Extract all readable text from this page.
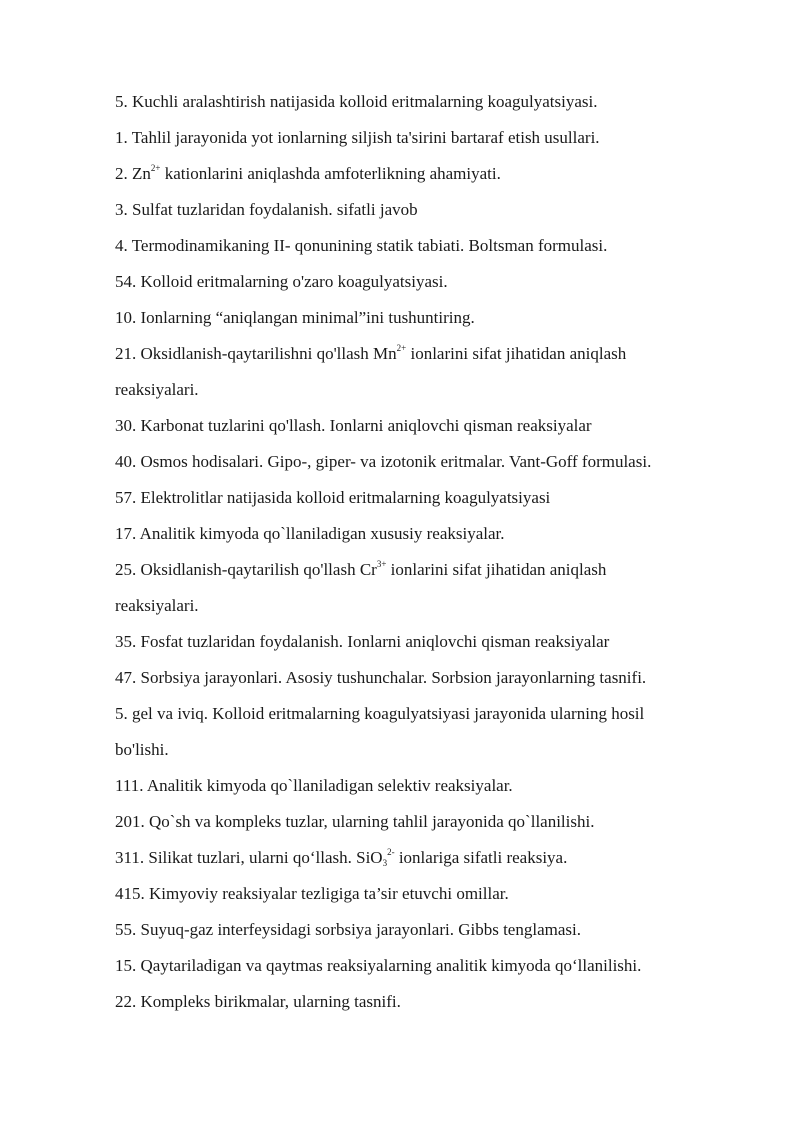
5. Kuchli aralashtirish natijasida kolloid eritmalarning koagulyatsiyasi.
1. Tahlil jarayonida yot ionlarning siljish ta'sirini bartaraf etish usullari.
2. $Zn^{2+}$ kationlarini aniqlashda amfoterlikning ahamiyati.
3. Sulfat tuzlaridan foydalanish. sifatli javob
4. Termodinamikaning II- qonunining statik tabiati. Boltsman formulasi.
54. Kolloid eritmalarning o'zaro koagulyatsiyasi.
10. Ionlarning “aniqlangan minimal”ini tushuntiring.
21. Oksidlanish-qaytarilishni qo'llash $Mn^{2+}$ ionlarini sifat jihatidan aniqlash
reaksiyalari.
30. Karbonat tuzlarini qo'llash. Ionlarni aniqlovchi qisman reaksiyalar
40. Osmos hodisalari. Gipo-, giper- va izotonik eritmalar. Vant-Goff formulasi.
57. Elektrolitlar natijasida kolloid eritmalarning koagulyatsiyasi
17. Analitik kimyoda qo`llaniladigan xususiy reaksiyalar.
25. Oksidlanish-qaytarilish qo'llash $Cr^{3+}$ ionlarini sifat jihatidan aniqlash
reaksiyalari.
35. Fosfat tuzlaridan foydalanish. Ionlarni aniqlovchi qisman reaksiyalar
47. Sorbsiya jarayonlari. Asosiy tushunchalar. Sorbsion jarayonlarning tasnifi.
5. gel va iviq. Kolloid eritmalarning koagulyatsiyasi jarayonida ularning hosil
bo'lishi.
111. Analitik kimyoda qo`llaniladigan selektiv reaksiyalar.
201. Qo`sh va kompleks tuzlar, ularning tahlil jarayonida qo`llanilishi.
311. Silikat tuzlari, ularni qo‘llash. SiO$_3^{2-}$ ionlariga sifatli reaksiya.
415. Kimyoviy reaksiyalar tezligiga ta’sir etuvchi omillar.
55. Suyuq-gaz interfeysidagi sorbsiya jarayonlari. Gibbs tenglamasi.
15. Qaytariladigan va qaytmas reaksiyalarning analitik kimyoda qo‘llanilishi.
22. Kompleks birikmalar, ularning tasnifi.
